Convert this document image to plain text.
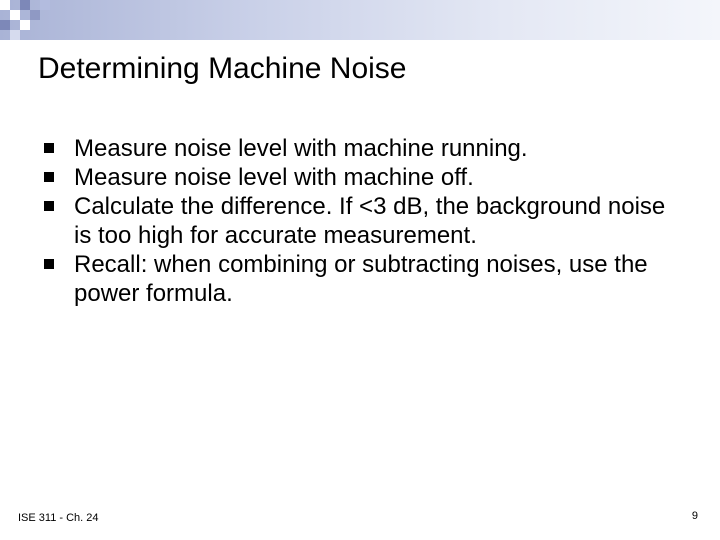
Determining Machine Noise
Measure noise level with machine running.
Measure noise level with machine off.
Calculate the difference. If <3 dB, the background noise is too high for accurate measurement.
Recall: when combining or subtracting noises, use the power formula.
ISE 311 - Ch. 24	9
